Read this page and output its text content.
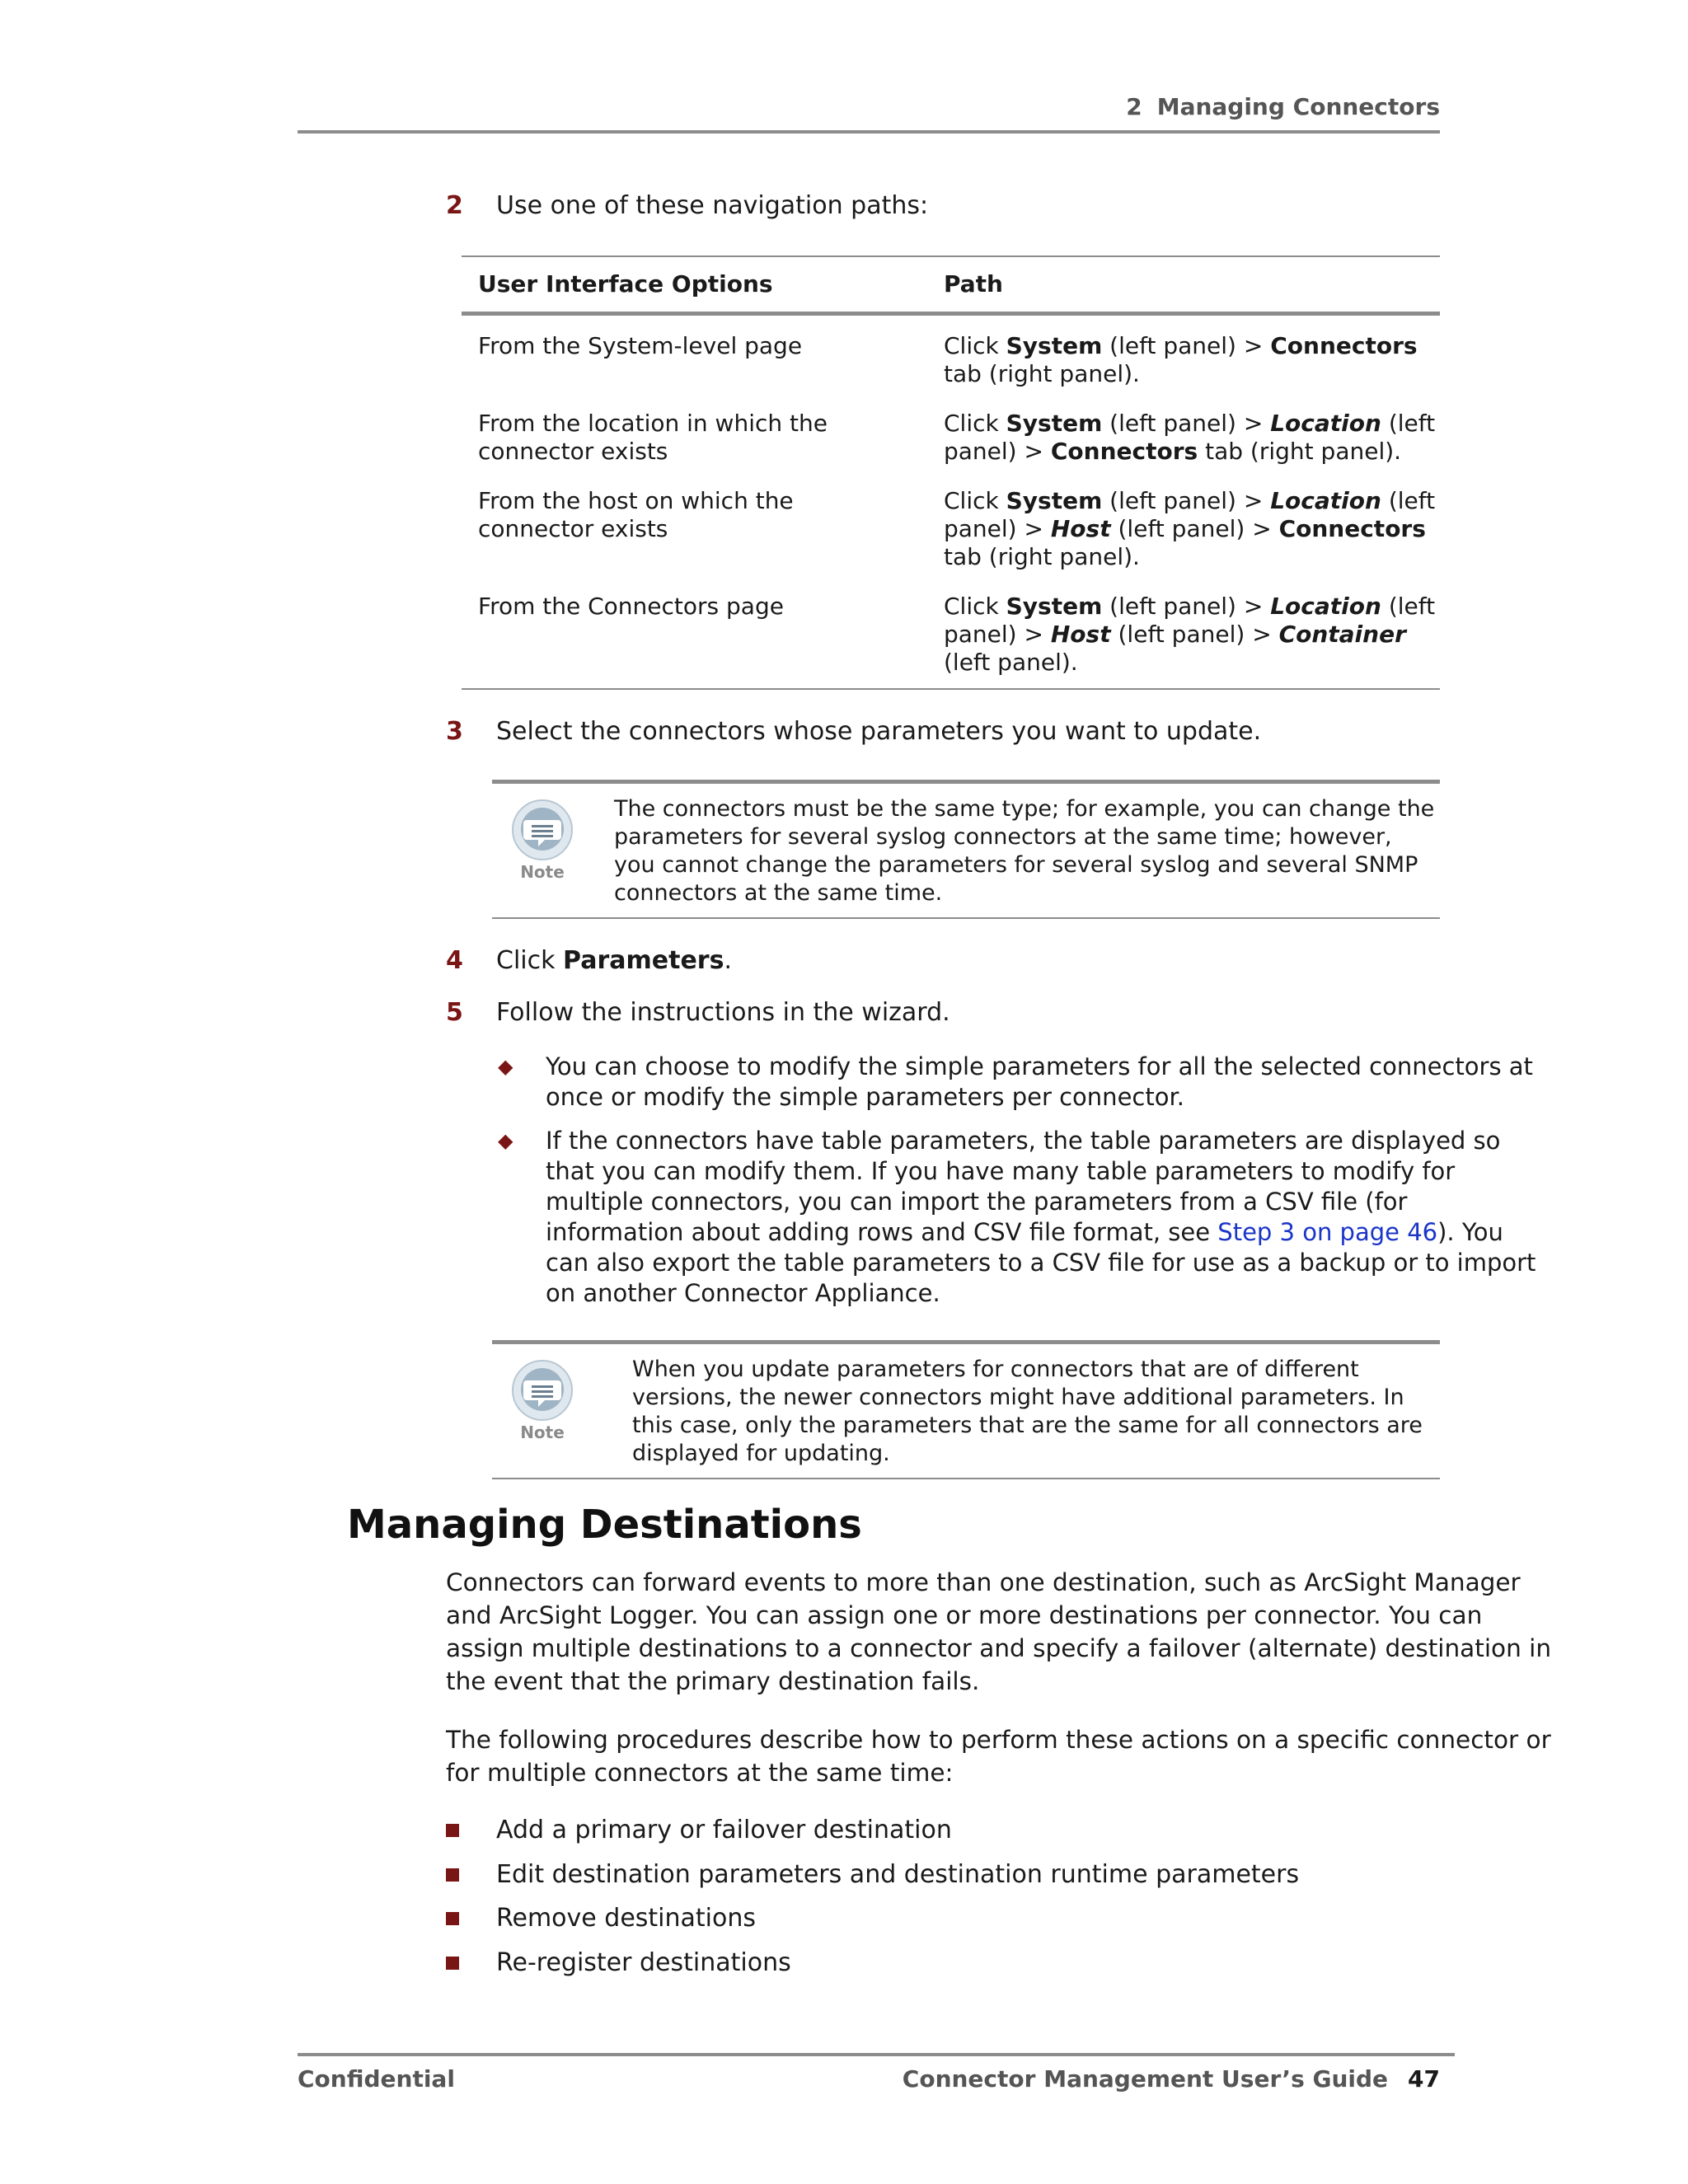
2 Managing Connectors
2 Use one of these navigation paths:
User Interface Options	Path
From the System-level page	Click System (left panel) > Connectors tab (right panel).
From the location in which the connector exists	Click System (left panel) > Location (left panel) > Connectors tab (right panel).
From the host on which the connector exists	Click System (left panel) > Location (left panel) > Host (left panel) > Connectors tab (right panel).
From the Connectors page	Click System (left panel) > Location (left panel) > Host (left panel) > Container (left panel).
3 Select the connectors whose parameters you want to update.
Note
The connectors must be the same type; for example, you can change the
parameters for several syslog connectors at the same time; however,
you cannot change the parameters for several syslog and several SNMP
connectors at the same time.
4 Click Parameters.
5 Follow the instructions in the wizard.
◆ You can choose to modify the simple parameters for all the selected connectors at
once or modify the simple parameters per connector.
◆ If the connectors have table parameters, the table parameters are displayed so
that you can modify them. If you have many table parameters to modify for
multiple connectors, you can import the parameters from a CSV file (for
information about adding rows and CSV file format, see Step 3 on page 46). You
can also export the table parameters to a CSV file for use as a backup or to import
on another Connector Appliance.
Note
When you update parameters for connectors that are of different
versions, the newer connectors might have additional parameters. In
this case, only the parameters that are the same for all connectors are
displayed for updating.
Managing Destinations
Connectors can forward events to more than one destination, such as ArcSight Manager
and ArcSight Logger. You can assign one or more destinations per connector. You can
assign multiple destinations to a connector and specify a failover (alternate) destination in
the event that the primary destination fails.
The following procedures describe how to perform these actions on a specific connector or
for multiple connectors at the same time:
Add a primary or failover destination
Edit destination parameters and destination runtime parameters
Remove destinations
Re-register destinations
Confidential	Connector Management User’s Guide 47
